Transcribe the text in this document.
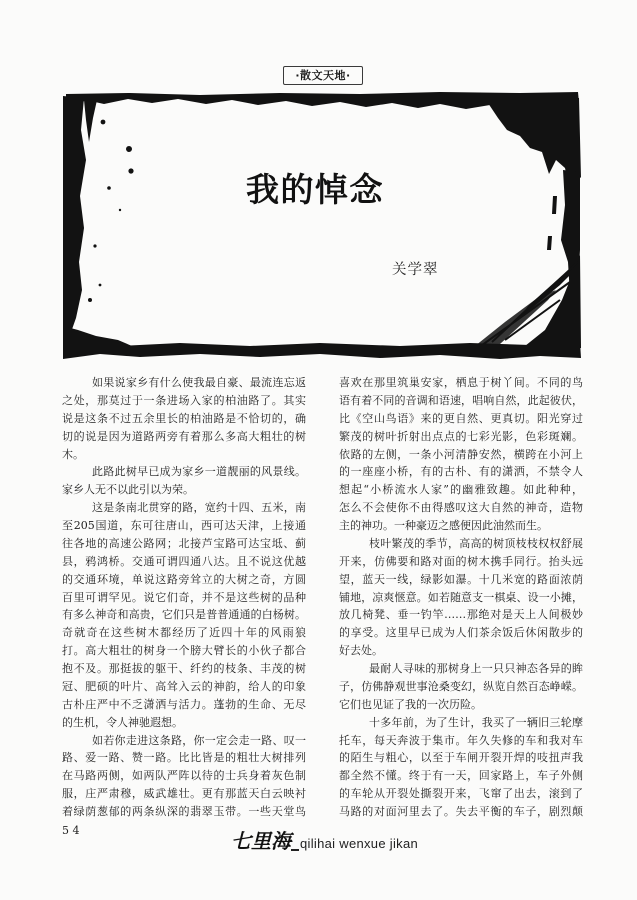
·散文天地·
我的悼念
关学翠
如果说家乡有什么使我最自豪、最流连忘返
之处，那莫过于一条进场入家的柏油路了。其实
说是这条不过五余里长的柏油路是不恰切的，确
切的说是因为道路两旁有着那么多高大粗壮的树
木。
此路此树早已成为家乡一道靓丽的风景线。
家乡人无不以此引以为荣。
这是条南北贯穿的路，宽约十四、五米，南
至205国道，东可往唐山，西可达天津，上接通
往各地的高速公路网；北接芦宝路可达宝坻、蓟
县，鸦鸿桥。交通可谓四通八达。且不说这优越
的交通环境，单说这路旁耸立的大树之奇，方圆
百里可谓罕见。说它们奇，并不是这些树的品种
有多么神奇和高贵，它们只是普普通通的白杨树。
奇就奇在这些树木都经历了近四十年的风雨狼
打。高大粗壮的树身一个膀大臂长的小伙子都合
抱不及。那挺拔的躯干、纤约的枝条、丰茂的树
冠、肥硕的叶片、高耸入云的神韵，给人的印象
古朴庄严中不乏潇洒与活力。蓬勃的生命、无尽
的生机，令人神驰遐想。
如若你走进这条路，你一定会走一路、叹一
路、爱一路、赞一路。比比皆是的粗壮大树排列
在马路两侧，如两队严阵以待的士兵身着灰色制
服，庄严肃穆，威武雄壮。更有那蓝天白云映衬
着绿荫葱郁的两条纵深的翡翠玉带。一些天堂鸟
喜欢在那里筑巢安家，栖息于树丫间。不同的鸟
语有着不同的音调和语速，唱响自然，此起彼伏，
比《空山鸟语》来的更自然、更真切。阳光穿过
繁茂的树叶折射出点点的七彩光影，色彩斑斓。
依路的左侧，一条小河清静安然，横跨在小河上
的一座座小桥，有的古朴、有的潇洒，不禁令人
想起“小桥流水人家”的幽雅致趣。如此种种，
怎么不会使你不由得感叹这大自然的神奇，造物
主的神功。一种豪迈之感便因此油然而生。
枝叶繁茂的季节，高高的树顶枝枝权权舒展
开来，仿佛要和路对面的树木携手同行。抬头远
望，蓝天一线，绿影如瀑。十几米宽的路面浓荫
铺地，凉爽惬意。如若随意支一棋桌、设一小摊，
放几椅凳、垂一钓竿……那绝对是天上人间极妙
的享受。这里早已成为人们茶余饭后休闲散步的
好去处。
最耐人寻味的那树身上一只只神态各异的眸
子，仿佛静观世事沧桑变幻，纵览自然百态峥嵘。
它们也见证了我的一次历险。
十多年前，为了生计，我买了一辆旧三轮摩
托车，每天奔波于集市。年久失修的车和我对车
的陌生与粗心，以至于车闸开裂开焊的吱扭声我
都全然不懂。终于有一天，回家路上，车子外侧
的车轮从开裂处撕裂开来，飞窜了出去，滚到了
马路的对面河里去了。失去平衡的车子，剧烈颠
5 4	七里海 qilihai wenxue jikan
